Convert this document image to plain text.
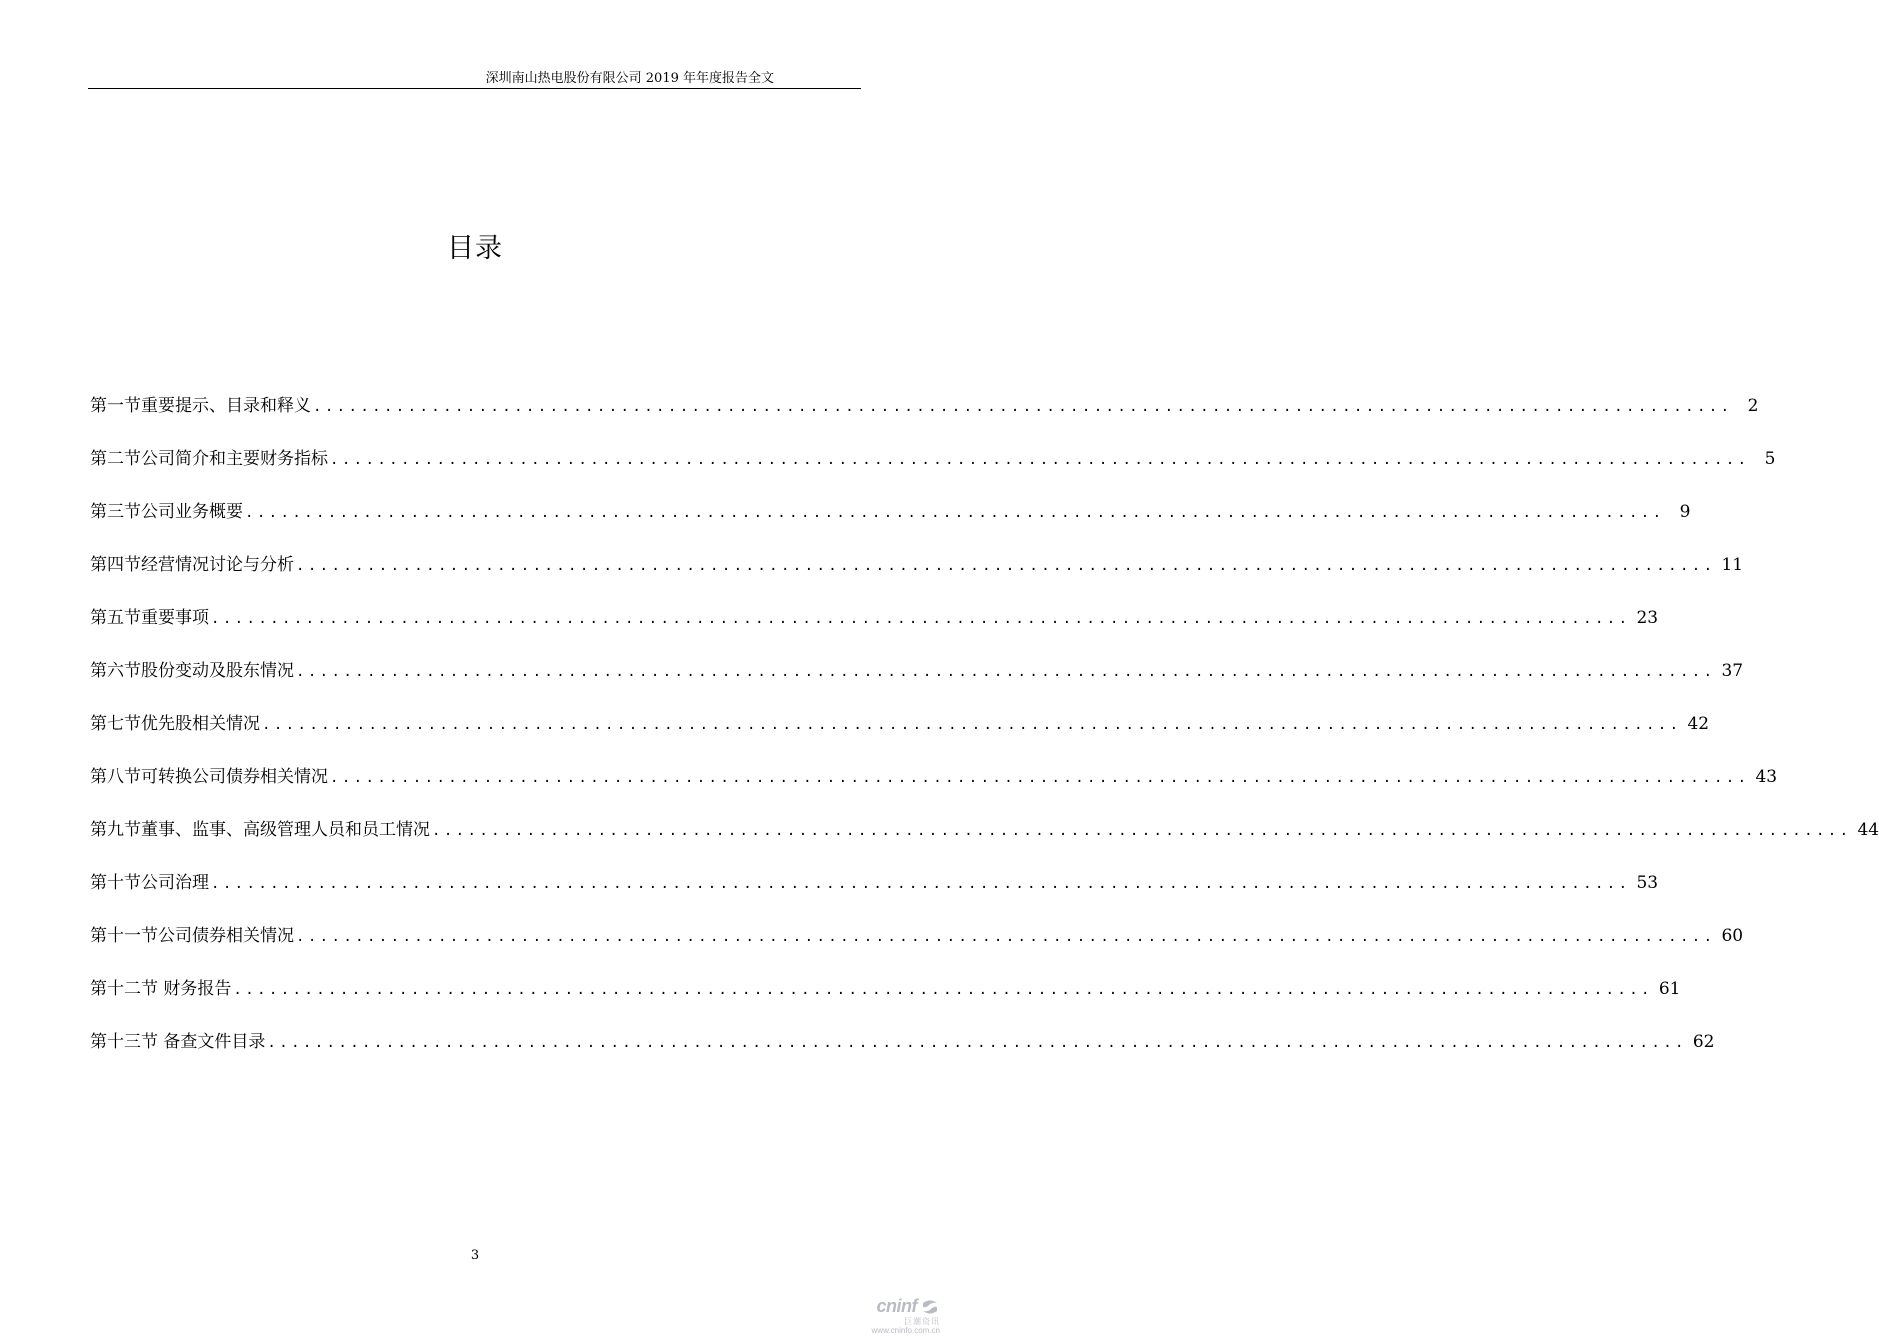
深圳南山热电股份有限公司 2019 年年度报告全文
目录
第一节重要提示、目录和释义 ........................................................................................................................ 2
第二节公司简介和主要财务指标 ........................................................................................................................ 5
第三节公司业务概要 ........................................................................................................................ 9
第四节经营情况讨论与分析 ........................................................................................................................ 11
第五节重要事项 ........................................................................................................................ 23
第六节股份变动及股东情况 ........................................................................................................................ 37
第七节优先股相关情况 ........................................................................................................................ 42
第八节可转换公司债券相关情况 ........................................................................................................................ 43
第九节董事、监事、高级管理人员和员工情况 ........................................................................................................................ 44
第十节公司治理 ........................................................................................................................ 53
第十一节公司债券相关情况 ........................................................................................................................ 60
第十二节 财务报告 ........................................................................................................................ 61
第十三节 备查文件目录 ........................................................................................................................ 62
3
cninf
巨潮资讯
www.cninfo.com.cn
